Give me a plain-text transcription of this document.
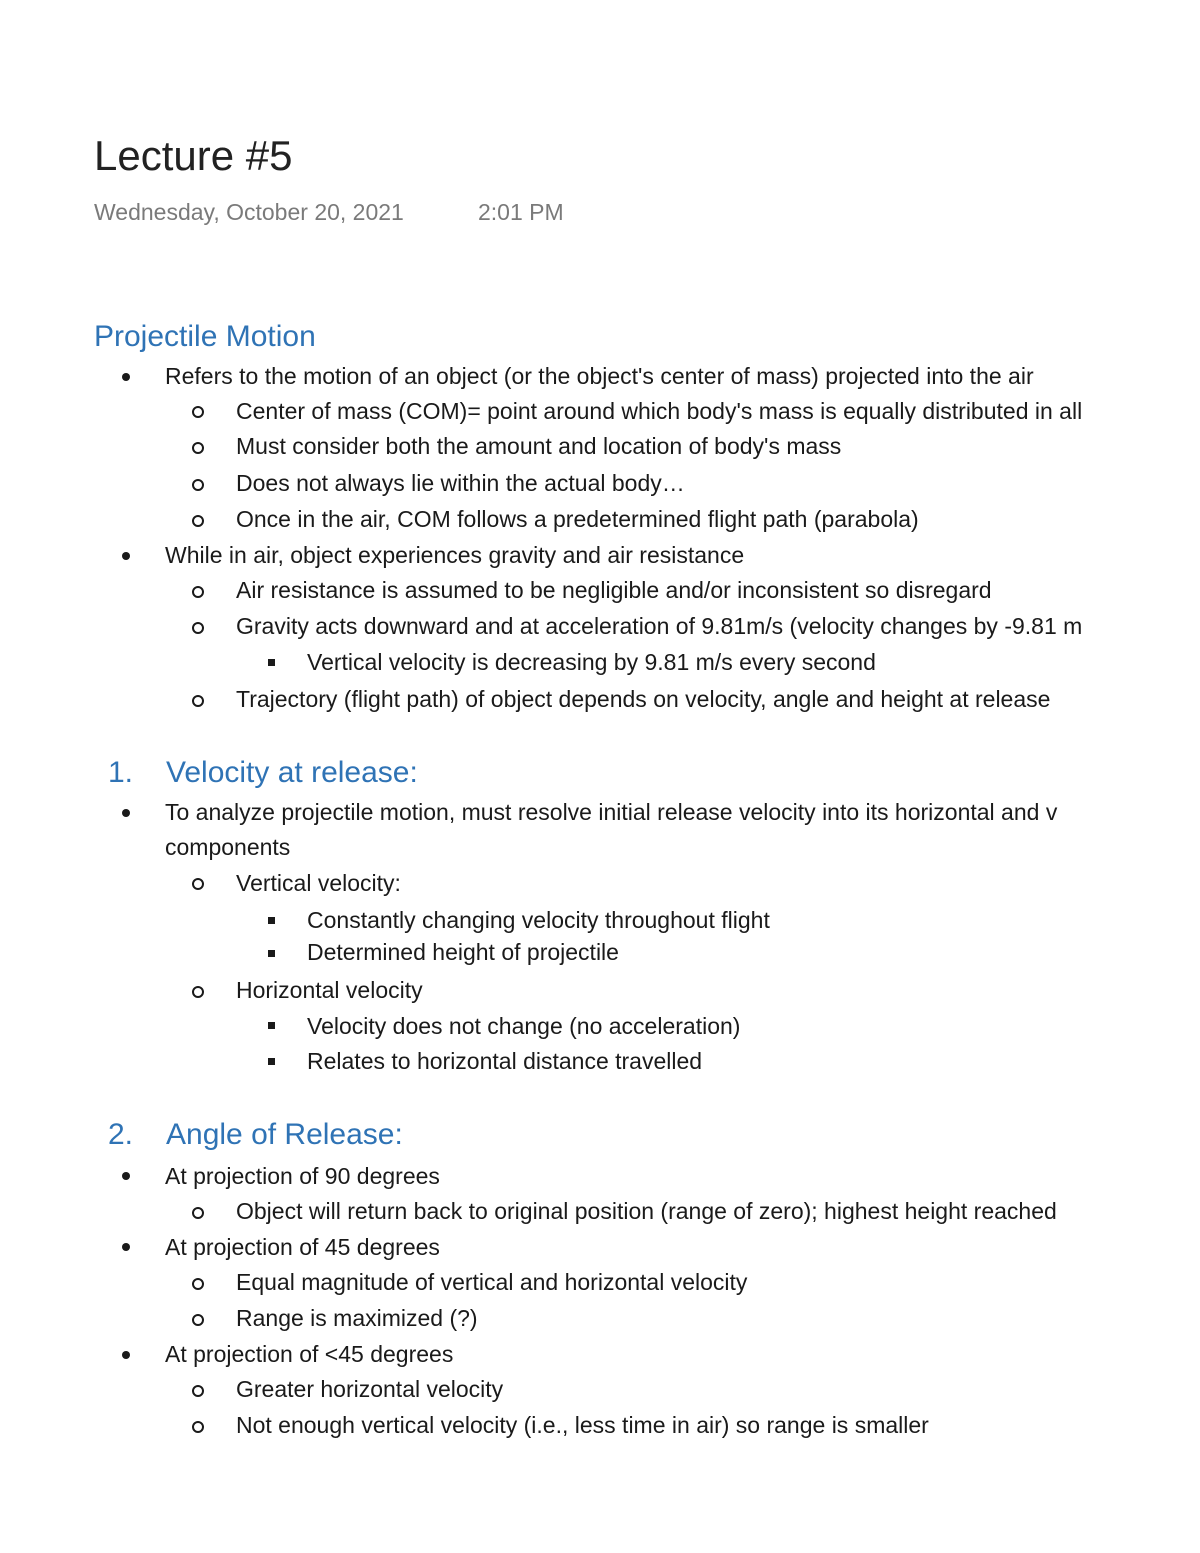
Lecture #5
Wednesday, October 20, 2021	2:01 PM
Projectile Motion
Refers to the motion of an object (or the object's center of mass) projected into the air
Center of mass (COM)= point around which body's mass is equally distributed in all
Must consider both the amount and location of body's mass
Does not always lie within the actual body…
Once in the air, COM follows a predetermined flight path (parabola)
While in air, object experiences gravity and air resistance
Air resistance is assumed to be negligible and/or inconsistent so disregard
Gravity acts downward and at acceleration of 9.81m/s (velocity changes by -9.81 m
Vertical velocity is decreasing by 9.81 m/s every second
Trajectory (flight path) of object depends on velocity, angle and height at release
1. Velocity at release:
To analyze projectile motion, must resolve initial release velocity into its horizontal and v
components
Vertical velocity:
Constantly changing velocity throughout flight
Determined height of projectile
Horizontal velocity
Velocity does not change (no acceleration)
Relates to horizontal distance travelled
2. Angle of Release:
At projection of 90 degrees
Object will return back to original position (range of zero); highest height reached
At projection of 45 degrees
Equal magnitude of vertical and horizontal velocity
Range is maximized (?)
At projection of <45 degrees
Greater horizontal velocity
Not enough vertical velocity (i.e., less time in air) so range is smaller
